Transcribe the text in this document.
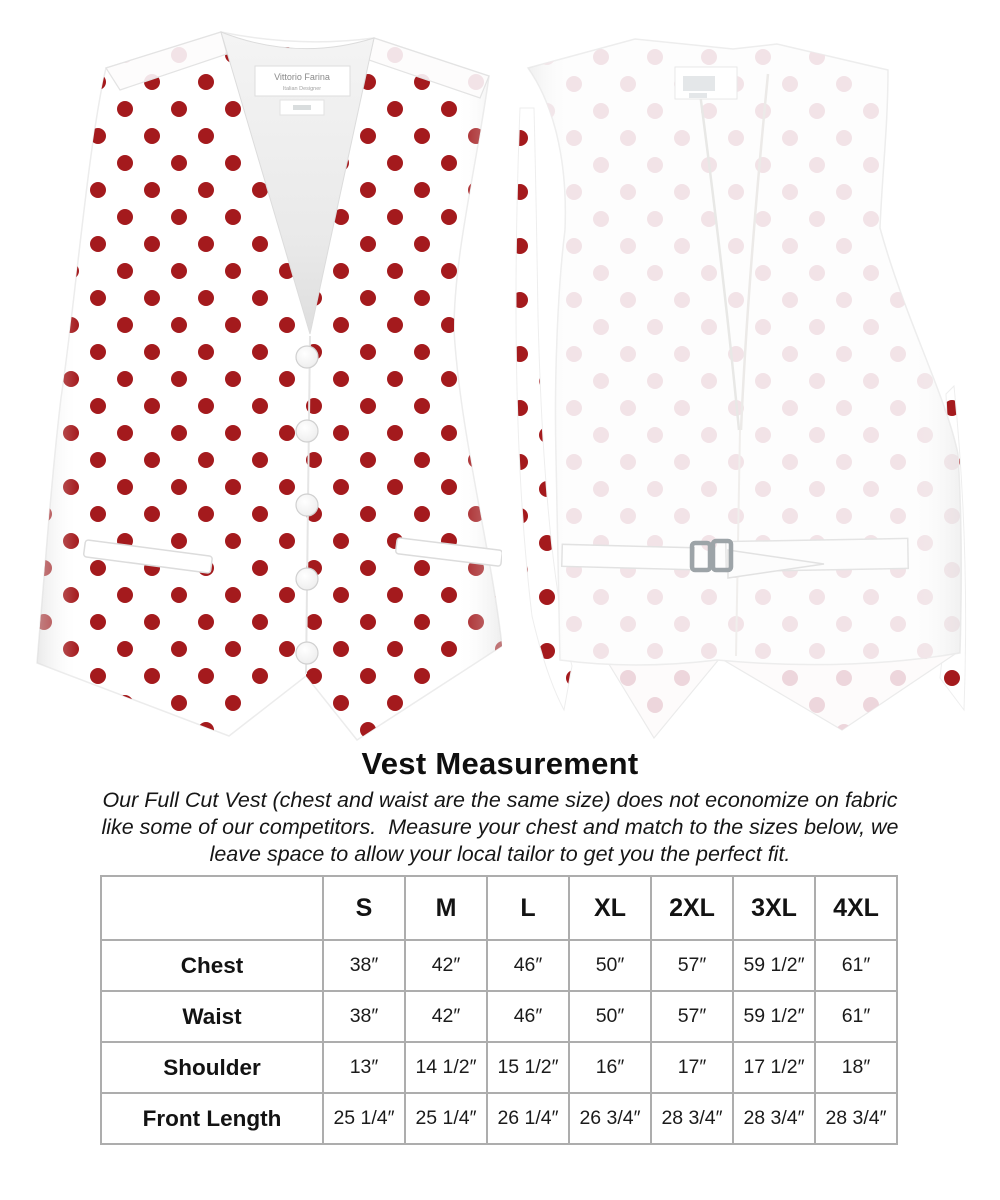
Vittorio Farina
Italian Designer
Vest Measurement
Our Full Cut Vest (chest and waist are the same size) does not economize on fabric
like some of our competitors.  Measure your chest and match to the sizes below, we
leave space to allow your local tailor to get you the perfect fit.
	S	M	L	XL	2XL	3XL	4XL
Chest	38″	42″	46″	50″	57″	59 1/2″	61″
Waist	38″	42″	46″	50″	57″	59 1/2″	61″
Shoulder	13″	14 1/2″	15 1/2″	16″	17″	17 1/2″	18″
Front Length	25 1/4″	25 1/4″	26 1/4″	26 3/4″	28 3/4″	28 3/4″	28 3/4″
